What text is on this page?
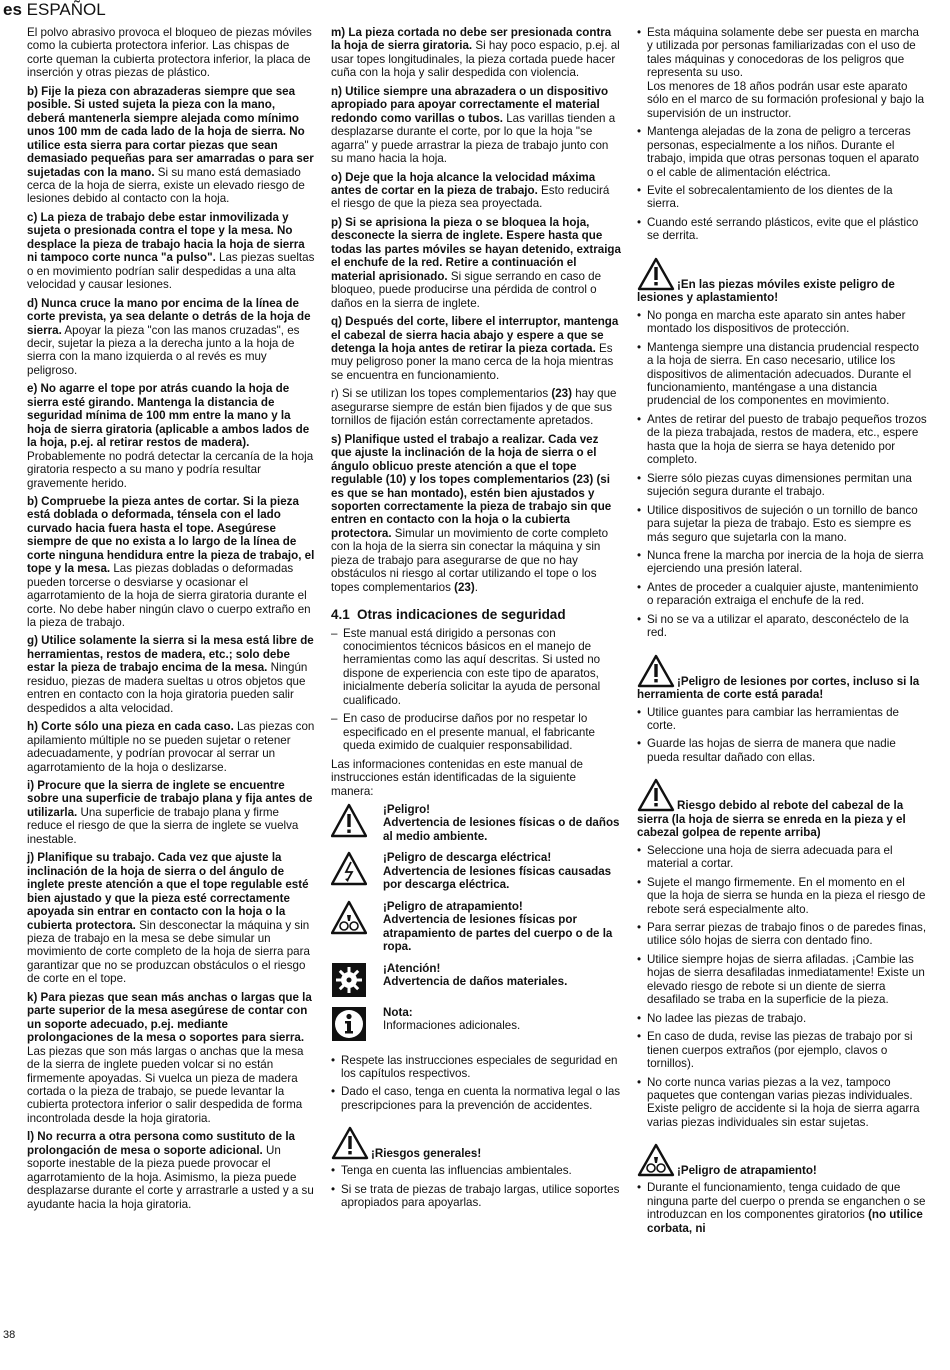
es ESPAÑOL

El polvo abrasivo provoca el bloqueo de piezas móviles como la cubierta protectora inferior. Las chispas de corte queman la cubierta protectora inferior, la placa de inserción y otras piezas de plástico.

b) Fije la pieza con abrazaderas siempre que sea posible. Si usted sujeta la pieza con la mano, deberá mantenerla siempre alejada como mínimo unos 100 mm de cada lado de la hoja de sierra. No utilice esta sierra para cortar piezas que sean demasiado pequeñas para ser amarradas o para ser sujetadas con la mano. Si su mano está demasiado cerca de la hoja de sierra, existe un elevado riesgo de lesiones debido al contacto con la hoja.

c) La pieza de trabajo debe estar inmovilizada y sujeta o presionada contra el tope y la mesa. No desplace la pieza de trabajo hacia la hoja de sierra ni tampoco corte nunca "a pulso". Las piezas sueltas o en movimiento podrían salir despedidas a una alta velocidad y causar lesiones.

d) Nunca cruce la mano por encima de la línea de corte prevista, ya sea delante o detrás de la hoja de sierra. Apoyar la pieza "con las manos cruzadas", es decir, sujetar la pieza a la derecha junto a la hoja de sierra con la mano izquierda o al revés es muy peligroso.

e) No agarre el tope por atrás cuando la hoja de sierra esté girando. Mantenga la distancia de seguridad mínima de 100 mm entre la mano y la hoja de sierra giratoria (aplicable a ambos lados de la hoja, p.ej. al retirar restos de madera). Probablemente no podrá detectar la cercanía de la hoja giratoria respecto a su mano y podría resultar gravemente herido.

b) Compruebe la pieza antes de cortar. Si la pieza está doblada o deformada, ténsela con el lado curvado hacia fuera hasta el tope. Asegúrese siempre de que no exista a lo largo de la línea de corte ninguna hendidura entre la pieza de trabajo, el tope y la mesa. Las piezas dobladas o deformadas pueden torcerse o desviarse y ocasionar el agarrotamiento de la hoja de sierra giratoria durante el corte. No debe haber ningún clavo o cuerpo extraño en la pieza de trabajo.

g) Utilice solamente la sierra si la mesa está libre de herramientas, restos de madera, etc.; solo debe estar la pieza de trabajo encima de la mesa. Ningún residuo, piezas de madera sueltas u otros objetos que entren en contacto con la hoja giratoria pueden salir despedidos a alta velocidad.

h) Corte sólo una pieza en cada caso. Las piezas con apilamiento múltiple no se pueden sujetar o retener adecuadamente, y podrían provocar al serrar un agarrotamiento de la hoja o deslizarse.

i) Procure que la sierra de inglete se encuentre sobre una superficie de trabajo plana y fija antes de utilizarla. Una superficie de trabajo plana y firme reduce el riesgo de que la sierra de inglete se vuelva inestable.

j) Planifique su trabajo. Cada vez que ajuste la inclinación de la hoja de sierra o del ángulo de inglete preste atención a que el tope regulable esté bien ajustado y que la pieza esté correctamente apoyada sin entrar en contacto con la hoja o la cubierta protectora. Sin desconectar la máquina y sin pieza de trabajo en la mesa se debe simular un movimiento de corte completo de la hoja de sierra para garantizar que no se produzcan obstáculos o el riesgo de corte en el tope.

k) Para piezas que sean más anchas o largas que la parte superior de la mesa asegúrese de contar con un soporte adecuado, p.ej. mediante prolongaciones de la mesa o soportes para sierra. Las piezas que son más largas o anchas que la mesa de la sierra de inglete pueden volcar si no están firmemente apoyadas. Si vuelca un pieza de madera cortada o la pieza de trabajo, se puede levantar la cubierta protectora inferior o salir despedida de forma incontrolada desde la hoja giratoria.

l) No recurra a otra persona como sustituto de la prolongación de mesa o soporte adicional. Un soporte inestable de la pieza puede provocar el agarrotamiento de la hoja. Asimismo, la pieza puede desplazarse durante el corte y arrastrarle a usted y a su ayudante hacia la hoja giratoria.

m) La pieza cortada no debe ser presionada contra la hoja de sierra giratoria. Si hay poco espacio, p.ej. al usar topes longitudinales, la pieza cortada puede hacer cuña con la hoja y salir despedida con violencia.

n) Utilice siempre una abrazadera o un dispositivo apropiado para apoyar correctamente el material redondo como varillas o tubos. Las varillas tienden a desplazarse durante el corte, por lo que la hoja "se agarra" y puede arrastrar la pieza de trabajo junto con su mano hacia la hoja.

o) Deje que la hoja alcance la velocidad máxima antes de cortar en la pieza de trabajo. Esto reducirá el riesgo de que la pieza sea proyectada.

p) Si se aprisiona la pieza o se bloquea la hoja, desconecte la sierra de inglete. Espere hasta que todas las partes móviles se hayan detenido, extraiga el enchufe de la red. Retire a continuación el material aprisionado. Si sigue serrando en caso de bloqueo, puede producirse una pérdida de control o daños en la sierra de inglete.

q) Después del corte, libere el interruptor, mantenga el cabezal de sierra hacia abajo y espere a que se detenga la hoja antes de retirar la pieza cortada. Es muy peligroso poner la mano cerca de la hoja mientras se encuentra en funcionamiento.

r) Si se utilizan los topes complementarios (23) hay que asegurarse siempre de están bien fijados y de que sus tornillos de fijación están correctamente apretados.

s) Planifique usted el trabajo a realizar. Cada vez que ajuste la inclinación de la hoja de sierra o el ángulo oblicuo preste atención a que el tope regulable (10) y los topes complementarios (23) (si es que se han montado), estén bien ajustados y soporten correctamente la pieza de trabajo sin que entren en contacto con la hoja o la cubierta protectora. Simular un movimiento de corte completo con la hoja de la sierra sin conectar la máquina y sin pieza de trabajo para asegurarse de que no hay obstáculos ni riesgo al cortar utilizando el tope o los topes complementarios (23).

4.1 Otras indicaciones de seguridad
– Este manual está dirigido a personas con conocimientos técnicos básicos en el manejo de herramientas como las aquí descritas. Si usted no dispone de experiencia con este tipo de aparatos, inicialmente debería solicitar la ayuda de personal cualificado.
– En caso de producirse daños por no respetar lo especificado en el presente manual, el fabricante queda eximido de cualquier responsabilidad.

Las informaciones contenidas en este manual de instrucciones están identificadas de la siguiente manera:

¡Peligro!
Advertencia de lesiones físicas o de daños al medio ambiente.
¡Peligro de descarga eléctrica!
Advertencia de lesiones físicas causadas por descarga eléctrica.
¡Peligro de atrapamiento!
Advertencia de lesiones físicas por atrapamiento de partes del cuerpo o de la ropa.
¡Atención!
Advertencia de daños materiales.
Nota:
Informaciones adicionales.
• Respete las instrucciones especiales de seguridad en los capítulos respectivos.
• Dado el caso, tenga en cuenta la normativa legal o las prescripciones para la prevención de accidentes.
¡Riesgos generales!
• Tenga en cuenta las influencias ambientales.
• Si se trata de piezas de trabajo largas, utilice soportes apropiados para apoyarlas.
• Esta máquina solamente debe ser puesta en marcha y utilizada por personas familiarizadas con el uso de tales máquinas y conocedoras de los peligros que representa su uso.
Los menores de 18 años podrán usar este aparato sólo en el marco de su formación profesional y bajo la supervisión de un instructor.
• Mantenga alejadas de la zona de peligro a terceras personas, especialmente a los niños. Durante el trabajo, impida que otras personas toquen el aparato o el cable de alimentación eléctrica.
• Evite el sobrecalentamiento de los dientes de la sierra.
• Cuando esté serrando plásticos, evite que el plástico se derrita.
¡En las piezas móviles existe peligro de lesiones y aplastamiento!
• No ponga en marcha este aparato sin antes haber montado los dispositivos de protección.
• Mantenga siempre una distancia prudencial respecto a la hoja de sierra. En caso necesario, utilice los dispositivos de alimentación adecuados. Durante el funcionamiento, manténgase a una distancia prudencial de los componentes en movimiento.
• Antes de retirar del puesto de trabajo pequeños trozos de la pieza trabajada, restos de madera, etc., espere hasta que la hoja de sierra se haya detenido por completo.
• Sierre sólo piezas cuyas dimensiones permitan una sujeción segura durante el trabajo.
• Utilice dispositivos de sujeción o un tornillo de banco para sujetar la pieza de trabajo. Esto es siempre es más seguro que sujetarla con la mano.
• Nunca frene la marcha por inercia de la hoja de sierra ejerciendo una presión lateral.
• Antes de proceder a cualquier ajuste, mantenimiento o reparación extraiga el enchufe de la red.
• Si no se va a utilizar el aparato, desconéctelo de la red.
¡Peligro de lesiones por cortes, incluso si la herramienta de corte está parada!
• Utilice guantes para cambiar las herramientas de corte.
• Guarde las hojas de sierra de manera que nadie pueda resultar dañado con ellas.
Riesgo debido al rebote del cabezal de la sierra (la hoja de sierra se enreda en la pieza y el cabezal golpea de repente arriba)
• Seleccione una hoja de sierra adecuada para el material a cortar.
• Sujete el mango firmemente. En el momento en el que la hoja de sierra se hunda en la pieza el riesgo de rebote será especialmente alto.
• Para serrar piezas de trabajo finos o de paredes finas, utilice sólo hojas de sierra con dentado fino.
• Utilice siempre hojas de sierra afiladas. ¡Cambie las hojas de sierra desafiladas inmediatamente! Existe un elevado riesgo de rebote si un diente de sierra desafilado se traba en la superficie de la pieza.
• No ladee las piezas de trabajo.
• En caso de duda, revise las piezas de trabajo por si tienen cuerpos extraños (por ejemplo, clavos o tornillos).
• No corte nunca varias piezas a la vez, tampoco paquetes que contengan varias piezas individuales. Existe peligro de accidente si la hoja de sierra agarra varias piezas individuales sin estar sujetas.
¡Peligro de atrapamiento!
• Durante el funcionamiento, tenga cuidado de que ninguna parte del cuerpo o prenda se enganchen o se introduzcan en los componentes giratorios (no utilice corbata, ni
38
